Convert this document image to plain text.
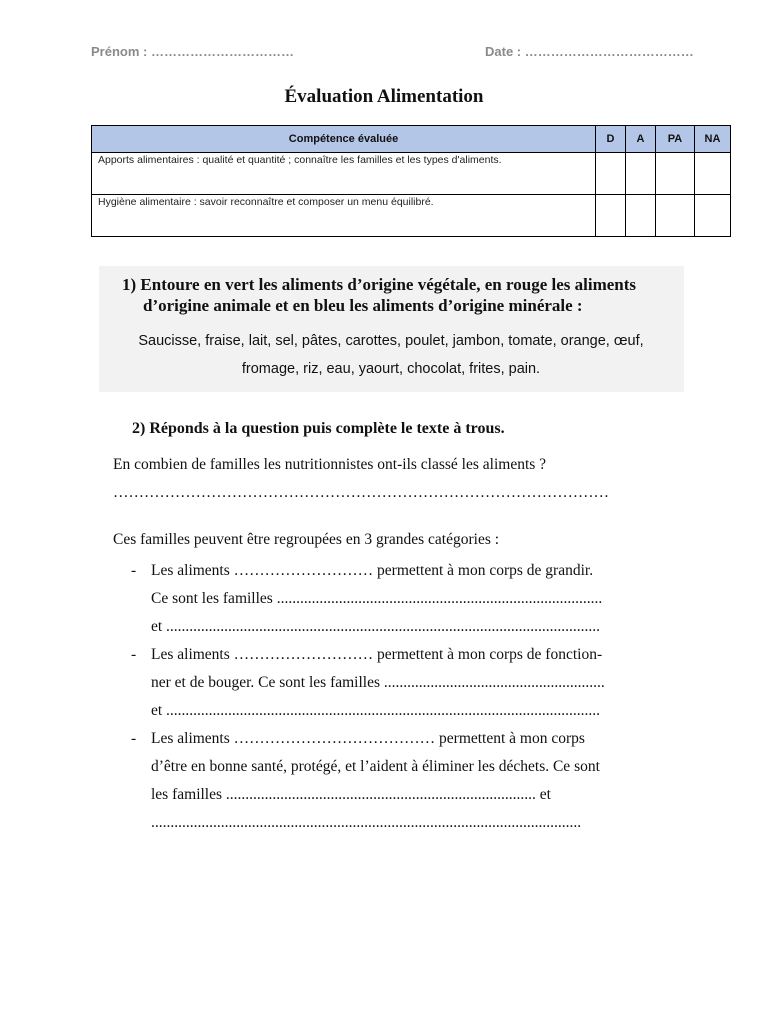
Prénom : ……………………………	Date : …………………………………
Évaluation Alimentation
Compétence évaluée	D	A	PA	NA
Apports alimentaires : qualité et quantité ; connaître les familles et les types d'aliments.				
Hygiène alimentaire : savoir reconnaître et composer un menu équilibré.				
1) Entoure en vert les aliments d’origine végétale, en rouge les aliments
d’origine animale et en bleu les aliments d’origine minérale :
Saucisse, fraise, lait, sel, pâtes, carottes, poulet, jambon, tomate, orange, œuf,
fromage, riz, eau, yaourt, chocolat, frites, pain.
2) Réponds à la question puis complète le texte à trous.
En combien de familles les nutritionnistes ont-ils classé les aliments ?
……………………………………………………………………………………
Ces familles peuvent être regroupées en 3 grandes catégories :
- Les aliments ……………………… permettent à mon corps de grandir.
Ce sont les familles ....................................................................................
et ................................................................................................................
- Les aliments ……………………… permettent à mon corps de fonction-
ner et de bouger. Ce sont les familles .........................................................
et ................................................................................................................
- Les aliments ………………………………… permettent à mon corps
d’être en bonne santé, protégé, et l’aident à éliminer les déchets. Ce sont
les familles ................................................................................ et
...............................................................................................................
